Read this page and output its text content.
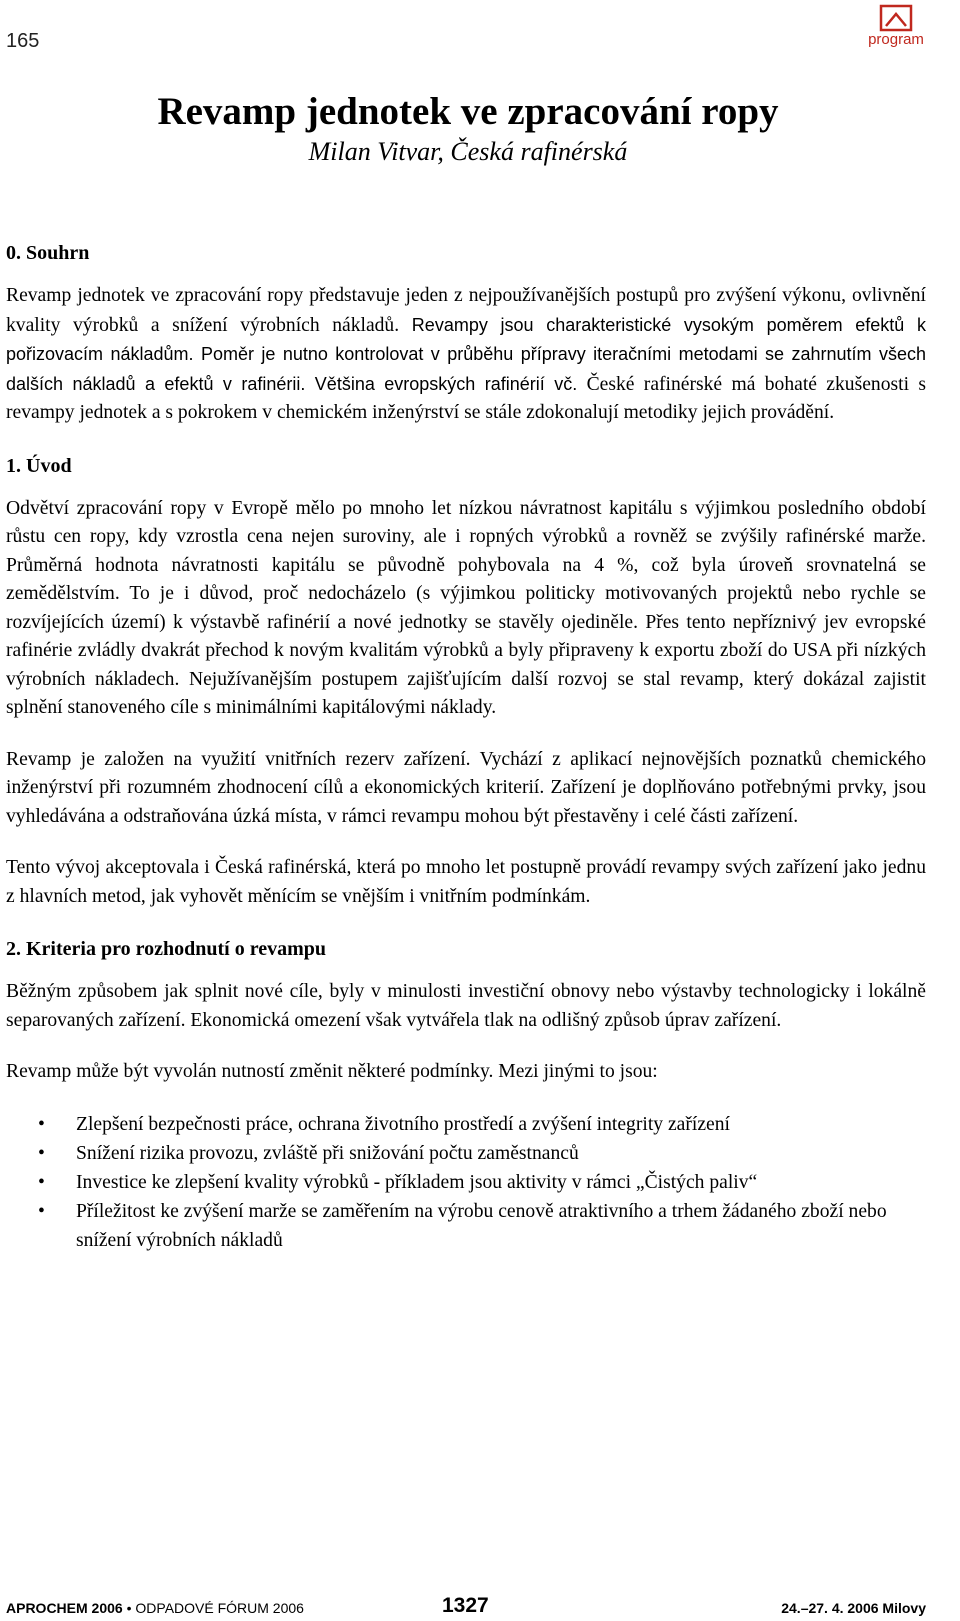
165	program
Revamp jednotek ve zpracování ropy
Milan Vitvar, Česká rafinérská
0. Souhrn

Revamp jednotek ve zpracování ropy představuje jeden z nejpoužívanějších postupů pro zvýšení výkonu, ovlivnění kvality výrobků a snížení výrobních nákladů. Revampy jsou charakteristické vysokým poměrem efektů k pořizovacím nákladům. Poměr je nutno kontrolovat v průběhu přípravy iteračními metodami se zahrnutím všech dalších nákladů a efektů v rafinérii. Většina evropských rafinérií vč. České rafinérské má bohaté zkušenosti s revampy jednotek a s pokrokem v chemickém inženýrství se stále zdokonalují metodiky jejich provádění.

1. Úvod

Odvětví zpracování ropy v Evropě mělo po mnoho let nízkou návratnost kapitálu s výjimkou posledního období růstu cen ropy, kdy vzrostla cena nejen suroviny, ale i ropných výrobků a rovněž se zvýšily rafinérské marže. Průměrná hodnota návratnosti kapitálu se původně pohybovala na 4 %, což byla úroveň srovnatelná se zemědělstvím. To je i důvod, proč nedocházelo (s výjimkou politicky motivovaných projektů nebo rychle se rozvíjejících území) k výstavbě rafinérií a nové jednotky se stavěly ojediněle. Přes tento nepříznivý jev evropské rafinérie zvládly dvakrát přechod k novým kvalitám výrobků a byly připraveny k exportu zboží do USA při nízkých výrobních nákladech. Nejužívanějším postupem zajišťujícím další rozvoj se stal revamp, který dokázal zajistit splnění stanoveného cíle s minimálními kapitálovými náklady.

Revamp je založen na využití vnitřních rezerv zařízení. Vychází z aplikací nejnovějších poznatků chemického inženýrství při rozumném zhodnocení cílů a ekonomických kriterií. Zařízení je doplňováno potřebnými prvky, jsou vyhledávána a odstraňována úzká místa, v rámci revampu mohou být přestavěny i celé části zařízení.

Tento vývoj akceptovala i Česká rafinérská, která po mnoho let postupně provádí revampy svých zařízení jako jednu z hlavních metod, jak vyhovět měnícím se vnějším i vnitřním podmínkám.

2. Kriteria pro rozhodnutí o revampu

Běžným způsobem jak splnit nové cíle, byly v minulosti investiční obnovy nebo výstavby technologicky i lokálně separovaných zařízení. Ekonomická omezení však vytvářela tlak na odlišný způsob úprav zařízení.

Revamp může být vyvolán nutností změnit některé podmínky. Mezi jinými to jsou:

• Zlepšení bezpečnosti práce, ochrana životního prostředí a zvýšení integrity zařízení
• Snížení rizika provozu, zvláště při snižování počtu zaměstnanců
• Investice ke zlepšení kvality výrobků - příkladem jsou aktivity v rámci „Čistých paliv“
• Příležitost ke zvýšení marže se zaměřením na výrobu cenově atraktivního a trhem žádaného zboží nebo snížení výrobních nákladů
APROCHEM 2006 • ODPADOVÉ FÓRUM 2006	1327	24.–27. 4. 2006 Milovy
